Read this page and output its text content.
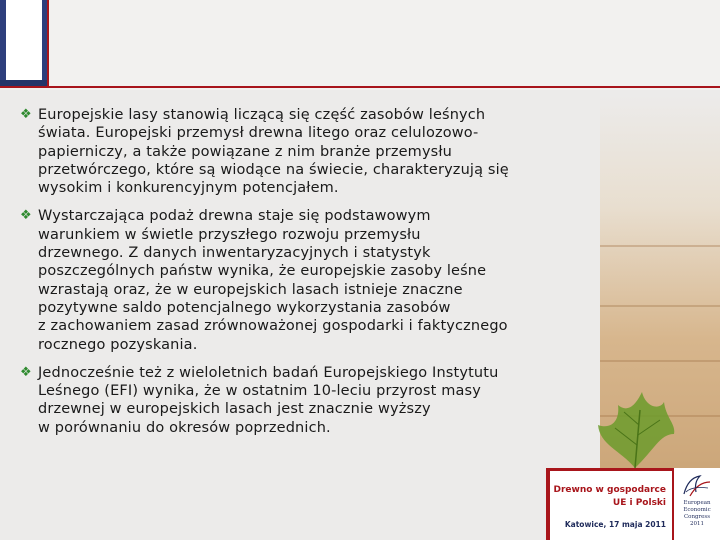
❖ Europejskie lasy stanowią liczącą się część zasobów leśnych
świata. Europejski przemysł drewna litego oraz celulozowo-
papierniczy, a także powiązane z nim branże przemysłu
przetwórczego, które są wiodące na świecie, charakteryzują się
wysokim i konkurencyjnym potencjałem.
❖ Wystarczająca podaż drewna staje się podstawowym
warunkiem w świetle przyszłego rozwoju przemysłu
drzewnego. Z danych inwentaryzacyjnych i statystyk
poszczególnych państw wynika, że europejskie zasoby leśne
wzrastają oraz, że w europejskich lasach istnieje znaczne
pozytywne saldo potencjalnego wykorzystania zasobów
z zachowaniem zasad zrównoważonej gospodarki i faktycznego
rocznego pozyskania.
❖ Jednocześnie też z wieloletnich badań Europejskiego Instytutu
Leśnego (EFI) wynika, że w ostatnim 10-leciu przyrost masy
drzewnej w europejskich lasach jest znacznie wyższy
w porównaniu do okresów poprzednich.
Drewno w gospodarce
UE i Polski
Katowice, 17 maja 2011
European
Economic
Congress
2011
